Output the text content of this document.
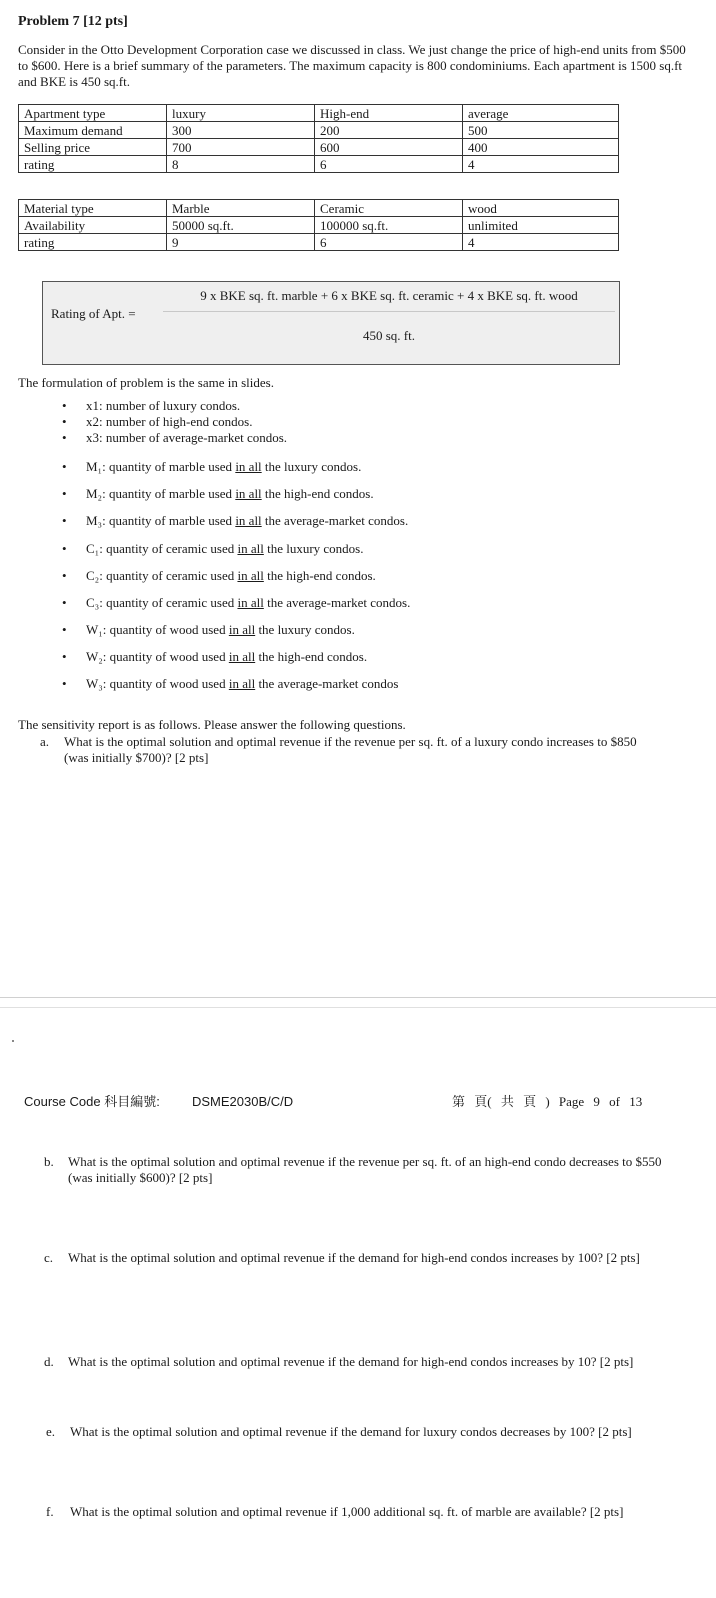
Problem 7 [12 pts]
Consider in the Otto Development Corporation case we discussed in class. We just change the price of high-end units from $500 to $600. Here is a brief summary of the parameters. The maximum capacity is 800 condominiums. Each apartment is 1500 sq.ft and BKE is 450 sq.ft.
Apartment type	luxury	High-end	average
Maximum demand	300	200	500
Selling price	700	600	400
rating	8	6	4
Material type	Marble	Ceramic	wood
Availability	50000 sq.ft.	100000 sq.ft.	unlimited
rating	9	6	4
Rating of Apt. =
9 x BKE sq. ft. marble + 6 x BKE sq. ft. ceramic + 4 x BKE sq. ft. wood
450 sq. ft.
The formulation of problem is the same in slides.
• x1: number of luxury condos.
• x2: number of high-end condos.
• x3: number of average-market condos.
• M₁: quantity of marble used in all the luxury condos.
• M₂: quantity of marble used in all the high-end condos.
• M₃: quantity of marble used in all the average-market condos.
• C₁: quantity of ceramic used in all the luxury condos.
• C₂: quantity of ceramic used in all the high-end condos.
• C₃: quantity of ceramic used in all the average-market condos.
• W₁: quantity of wood used in all the luxury condos.
• W₂: quantity of wood used in all the high-end condos.
• W₃: quantity of wood used in all the average-market condos
The sensitivity report is as follows. Please answer the following questions.
a. What is the optimal solution and optimal revenue if the revenue per sq. ft. of a luxury condo increases to $850 (was initially $700)? [2 pts]
b. What is the optimal solution and optimal revenue if the revenue per sq. ft. of an high-end condo decreases to $550 (was initially $600)? [2 pts]
c. What is the optimal solution and optimal revenue if the demand for high-end condos increases by 100? [2 pts]
d. What is the optimal solution and optimal revenue if the demand for high-end condos increases by 10? [2 pts]
e. What is the optimal solution and optimal revenue if the demand for luxury condos decreases by 100? [2 pts]
f. What is the optimal solution and optimal revenue if 1,000 additional sq. ft. of marble are available? [2 pts]
Course Code 科目編號: DSME2030B/C/D	第 頁( 共 頁 ) Page 9 of 13
